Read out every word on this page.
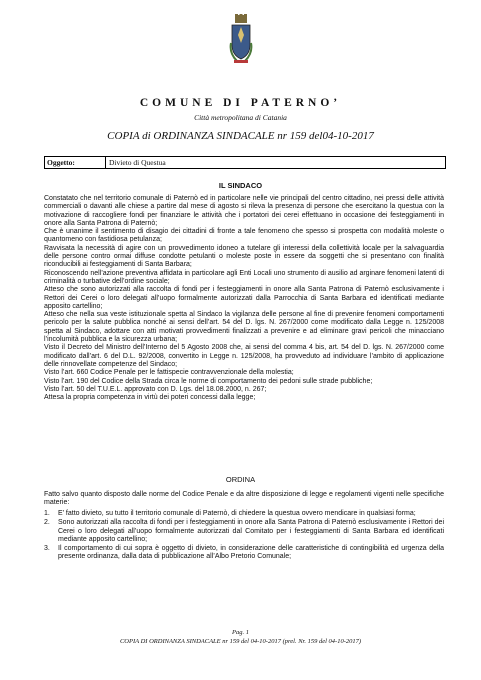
COMUNE DI PATERNO’
Città metropolitana di Catania
COPIA di ORDINANZA SINDACALE nr 159 del04-10-2017
Oggetto:	Divieto di Questua
IL SINDACO

Constatato che nel territorio comunale di Paternò ed in particolare nelle vie principali del centro cittadino, nei pressi delle attività commerciali o davanti alle chiese a partire dal mese di agosto si rileva la presenza di persone che esercitano la questua con la motivazione di raccogliere fondi per finanziare le attività che i portatori dei cerei effettuano in occasione dei festeggiamenti in onore alla Santa Patrona di Paternò;

Che è unanime il sentimento di disagio dei cittadini di fronte a tale fenomeno che spesso si prospetta con modalità moleste o quantomeno con fastidiosa petulanza;

Ravvisata la necessità di agire con un provvedimento idoneo a tutelare gli interessi della collettività locale per la salvaguardia delle persone contro ormai diffuse condotte petulanti o moleste poste in essere da soggetti che si presentano con finalità riconducibili ai festeggiamenti di Santa Barbara;

Riconoscendo nell’azione preventiva affidata in particolare agli Enti Locali uno strumento di ausilio ad arginare fenomeni latenti di criminalità o turbative dell’ordine sociale;

Atteso che sono autorizzati alla raccolta di fondi per i festeggiamenti in onore alla Santa Patrona di Paternò esclusivamente i Rettori dei Cerei o loro delegati all’uopo formalmente autorizzati dalla Parrocchia di Santa Barbara ed identificati mediante apposito cartellino;

Atteso che nella sua veste istituzionale spetta al Sindaco la vigilanza delle persone al fine di prevenire fenomeni comportamenti pericolo per la salute pubblica nonché ai sensi dell’art. 54 del D. lgs. N. 267/2000 come modificato dalla Legge n. 125/2008 spetta al Sindaco, adottare con atti motivati provvedimenti finalizzati a prevenire e ad eliminare gravi pericoli che minacciano l’incolumità pubblica e la sicurezza urbana;

Visto il Decreto del Ministro dell’Interno del 5 Agosto 2008 che, ai sensi del comma 4 bis, art. 54 del D. lgs. N. 267/2000 come modificato dall’art. 6 del D.L. 92/2008, convertito in Legge n. 125/2008, ha provveduto ad individuare l’ambito di applicazione delle rinnovellate competenze del Sindaco;

Visto l’art. 660 Codice Penale per le fattispecie contravvenzionale della molestia;

Visto l’art. 190 del Codice della Strada circa le norme di comportamento dei pedoni sulle strade pubbliche;

Visto l’art. 50 del T.U.E.L. approvato con D. Lgs. del 18.08.2000, n. 267;

Attesa la propria competenza in virtù dei poteri concessi dalla legge;

ORDINA

Fatto salvo quanto disposto dalle norme del Codice Penale e da altre disposizione di legge e regolamenti vigenti nelle specifiche materie:

1. E’ fatto divieto, su tutto il territorio comunale di Paternò, di chiedere la questua ovvero mendicare in qualsiasi forma;
2. Sono autorizzati alla raccolta di fondi per i festeggiamenti in onore alla Santa Patrona di Paternò esclusivamente i Rettori dei Cerei o loro delegati all’uopo formalmente autorizzati dal Comitato per i festeggiamenti di Santa Barbara ed identificati mediante apposito cartellino;
3. Il comportamento di cui sopra è oggetto di divieto, in considerazione delle caratteristiche di contingibilità ed urgenza della presente ordinanza, dalla data di pubblicazione all’Albo Pretorio Comunale;
Pag. 1
COPIA DI ORDINANZA SINDACALE nr 159 del 04-10-2017 (prel. Nr. 159 del 04-10-2017)
